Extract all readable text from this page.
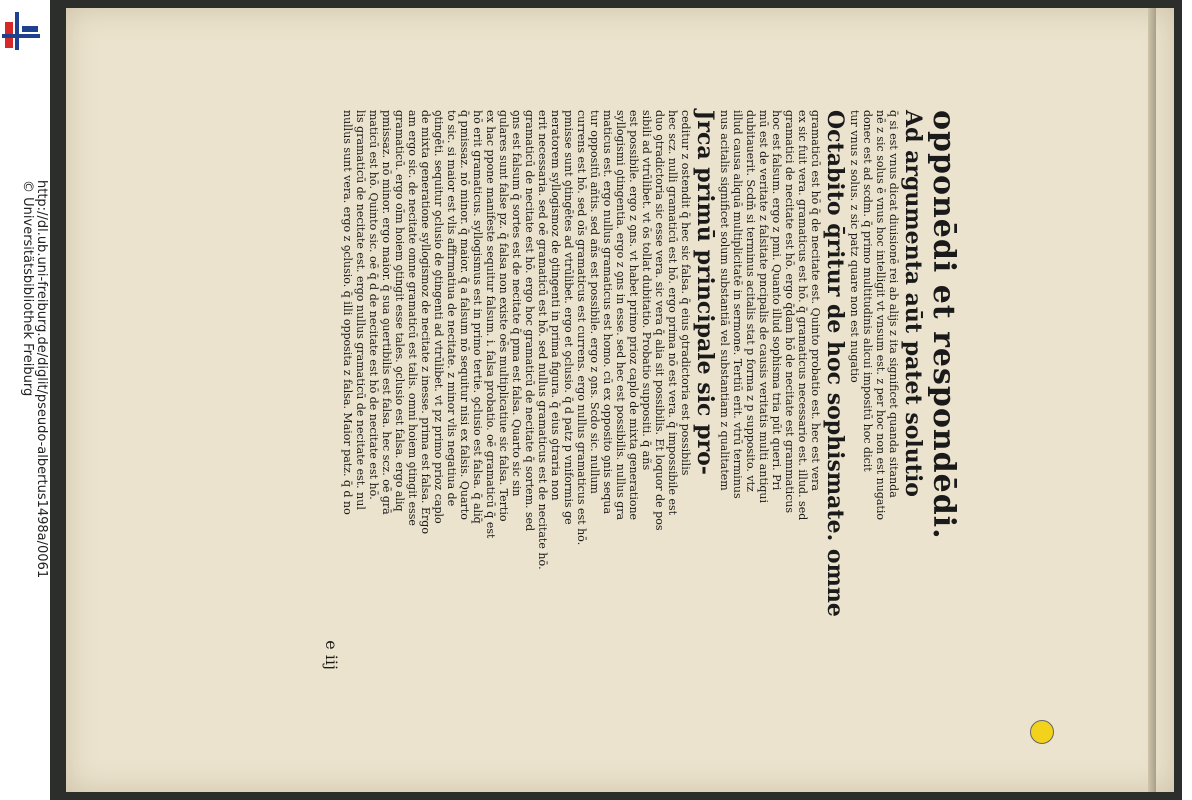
http://dl.ub.uni-freiburg.de/diglit/pseudo-albertus1498a/0061
© Universitätsbibliothek Freiburg	opponēdi et respondēdi.
Ad argumenta aūt patet solutio
q̄ si est vnus dicat diuisionē rei ab alijs z ita significet quanda sitanda
nē z sic solus ē vnus hoc intelligit vt vnsum est. z per hoc non est nugatio
donec est ad scdm. q̄ primo multitudinis alicui impositū hoc dicit
tur vnus z solus. z sic patz quare non est nugatio
Octabito q̄ritur de hoc sophismate. omne
gramaticū est hō q̄ de necitate est. Quinto probatio est. hec est vera
ex sic fuit vera. gramaticus est hō. q̄ gramaticus necessario est. illud. sed
gramatici de necitate est hō. ergo q̄dam hō de necitate est grammaticus
hoc est falsum. ergo z pmi. Quanto illud sophisma tria pūt queri. Pri
mū est de veritate z falsitate pncipalis de causis veritatis multi antiqui
dubitauerit. Scdm̄ si terminus acitalis stat p forma z p supposito. vtz
illud causa aliquā multiplicitatē in sermone. Tertiū erit. vtrū terminus
nus acitalis significet solum substantiā vel substantiam z qualitatem
Jrca primū principale sic pro-
ceditur z ostendit q̄ hec sic falsa. q̄ eius ꝯtradictoria est possibilis
hec scz. nulli gramaticū est hō. ergo prima nō est vera. q̄ impossibile est
duo ꝯtradictoria sic esse vera. sic vera q̄ alia sit possibilis. Et loquor de pos
sibili ad vtrūlibet. vt ōs tollat dubitatio. Probatio suppositi. q̄ añs
est possibile. ergo z ꝯns. vt habet primo prioz caplo de mixta generatione
syllogismi ꝯtingentia. ergo z ꝯns in esse. sed hec est possibilis. nullus gra
maticus est. ergo nullus gramaticus est homo. cū ex opposito ꝯnis sequa
tur oppositū añtis. sed añs est possibile. ergo z ꝯns. Scdo sic. nullum
currens est hō. sed oīs gramaticus est currens. ergo nullus gramaticus est hō.
pmisse sunt ꝯtingētes ad vtrūlibet. ergo et ꝯclusio. q̄ d patz p vniformis ge
neratorem syllogismoz de ꝯtingenti in prima figura. q̄ eius ꝯtraria non
erit necessaria. sed oē gramaticū est hō. sed nullus gramaticus est de necitate hō.
gramaticū de necitate est hō. ergo hoc gramaticū de necitate q̄ sortem. sed
ꝯns est falsum q̄ sortes est de necitate q̄ pma est falsa. Quarto sic sin
gulares sunt false pz. q̄ falsa non existe oēs multiplicatiue sic falsa. Tertio
ex hac ppone manifeste sequitur falsum. i. falsa probatio. oē gramaticū q̄ est
hō erit gramaticus. syllogismus est in primo tertie. ꝯclusio est falsa. q̄ aliq̄
q̄ pmissaz. nō minor. q̄ maior. q̄ a falsum nō sequitur nisi ex falsis. Quarto
to sic. si maior est vlis affirmatiua de necitate. z minor vlis negatiua de
ꝯtingēti. sequitur ꝯclusio de ꝯtingenti ad vtrūlibet. vt pz primo prioz caplo
de mixta generatione syllogismoz de necitate z inesse. prima est falsa. Ergo
am ergo sic. de necitate omne gramaticū est talis. omni hoiem ꝯtingit esse
gramaticū. ergo oīm hoiem ꝯtingit esse tales. ꝯclusio est falsa. ergo aliq
pmissaz. nō minor. ergo maior. q̄ sua ꝯuertibilis est falsa. hec scz. oē grā
maticū est hō. Quinto sic. oē q̄ d de necitate est hō de necitate est hō.
lis gramaticū de necitate est. ergo nullus gramaticū de necitate est. nul
nullus sunt vera. ergo z ꝯclusio. q̄ illi opposita z falsa. Maior patz. q̄ d no
e iij
